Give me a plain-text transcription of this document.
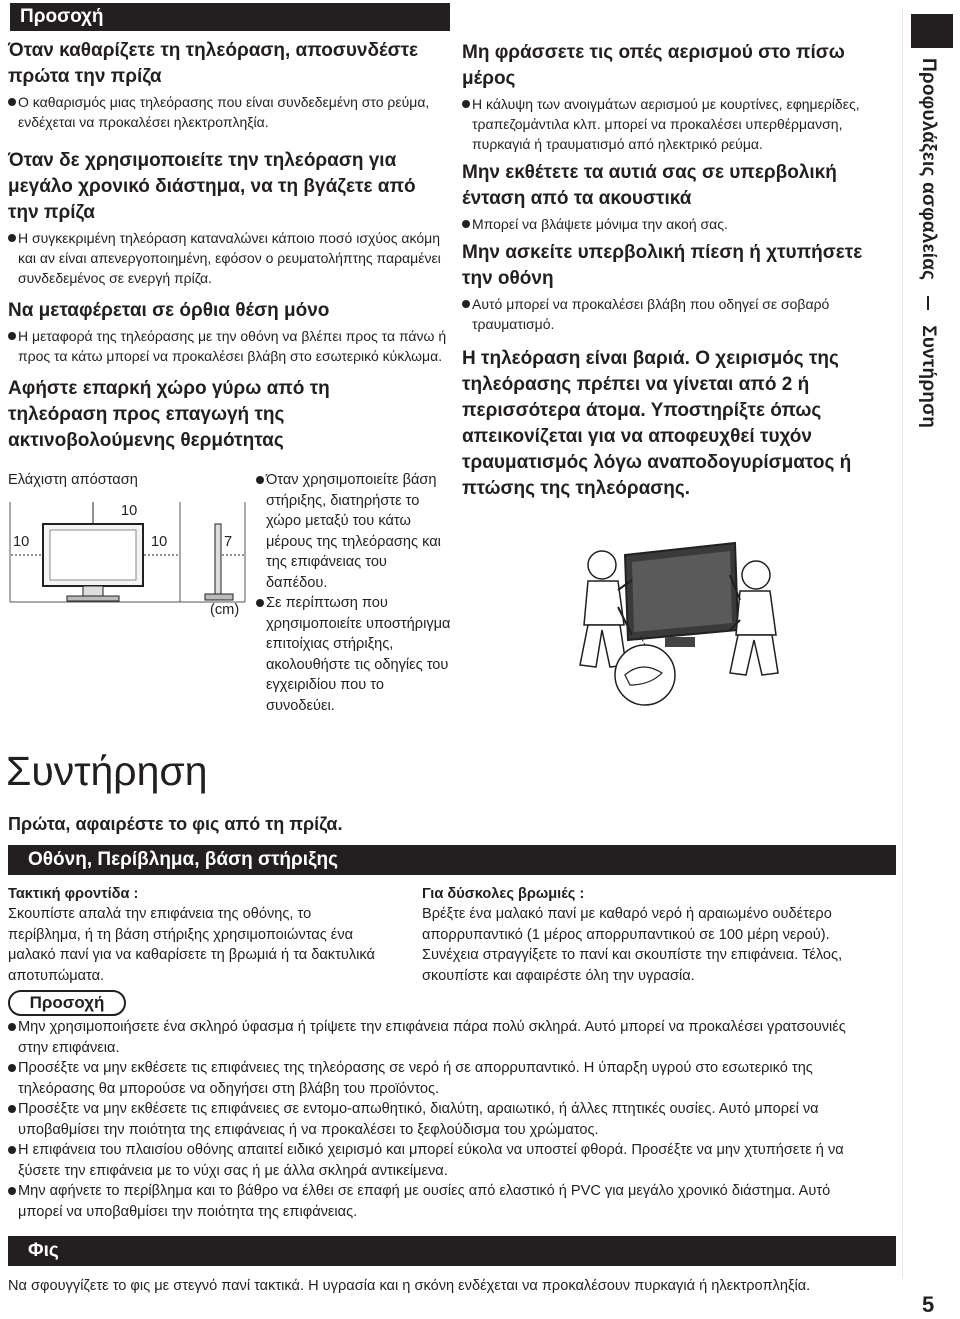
Προσοχή
Όταν καθαρίζετε τη τηλεόραση, αποσυνδέστε πρώτα την πρίζα
Ο καθαρισμός μιας τηλεόρασης που είναι συνδεδεμένη στο ρεύμα, ενδέχεται να προκαλέσει ηλεκτροπληξία.
Όταν δε χρησιμοποιείτε την τηλεόραση για μεγάλο χρονικό διάστημα, να τη βγάζετε από την πρίζα
Η συγκεκριμένη τηλεόραση καταναλώνει κάποιο ποσό ισχύος ακόμη και αν είναι απενεργοποιημένη, εφόσον ο ρευματολήπτης παραμένει συνδεδεμένος σε ενεργή πρίζα.
Να μεταφέρεται σε όρθια θέση μόνο
Η μεταφορά της τηλεόρασης με την οθόνη να βλέπει προς τα πάνω ή προς τα κάτω μπορεί να προκαλέσει βλάβη στο εσωτερικό κύκλωμα.
Αφήστε επαρκή χώρο γύρω από τη τηλεόραση προς επαγωγή της ακτινοβολούμενης θερμότητας
Ελάχιστη απόσταση
10
10	10	7
(cm)
Όταν χρησιμοποιείτε βάση στήριξης, διατηρήστε το χώρο μεταξύ του κάτω μέρους της τηλεόρασης και της επιφάνειας του δαπέδου.
Σε περίπτωση που χρησιμοποιείτε υποστήριγμα επιτοίχιας στήριξης, ακολουθήστε τις οδηγίες του εγχειριδίου που το συνοδεύει.
Μη φράσσετε τις οπές αερισμού στο πίσω μέρος
Η κάλυψη των ανοιγμάτων αερισμού με κουρτίνες, εφημερίδες, τραπεζομάντιλα κλπ. μπορεί να προκαλέσει υπερθέρμανση, πυρκαγιά ή τραυματισμό από ηλεκτρικό ρεύμα.
Μην εκθέτετε τα αυτιά σας σε υπερβολική ένταση από τα ακουστικά
Μπορεί να βλάψετε μόνιμα την ακοή σας.
Μην ασκείτε υπερβολική πίεση ή χτυπήσετε την οθόνη
Αυτό μπορεί να προκαλέσει βλάβη που οδηγεί σε σοβαρό τραυματισμό.
Η τηλεόραση είναι βαριά. Ο χειρισμός της τηλεόρασης πρέπει να γίνεται από 2 ή περισσότερα άτομα. Υποστηρίξτε όπως απεικονίζεται για να αποφευχθεί τυχόν τραυματισμός λόγω αναποδογυρίσματος ή πτώσης της τηλεόρασης.
Προφυλάξεις ασφαλείας  Συντήρηση
Συντήρηση
Πρώτα, αφαιρέστε το φις από τη πρίζα.
Οθόνη, Περίβλημα, βάση στήριξης
Τακτική φροντίδα :
Σκουπίστε απαλά την επιφάνεια της οθόνης, το περίβλημα, ή τη βάση στήριξης χρησιμοποιώντας ένα μαλακό πανί για να καθαρίσετε τη βρωμιά ή τα δακτυλικά αποτυπώματα.
Για δύσκολες βρωμιές :
Βρέξτε ένα μαλακό πανί με καθαρό νερό ή αραιωμένο ουδέτερο απορρυπαντικό (1 μέρος απορρυπαντικού σε 100 μέρη νερού). Συνέχεια στραγγίξετε το πανί και σκουπίστε την επιφάνεια. Τέλος, σκουπίστε και αφαιρέστε όλη την υγρασία.
Προσοχή
Μην χρησιμοποιήσετε ένα σκληρό ύφασμα ή τρίψετε την επιφάνεια πάρα πολύ σκληρά. Αυτό μπορεί να προκαλέσει γρατσουνιές στην επιφάνεια.
Προσέξτε να μην εκθέσετε τις επιφάνειες της τηλεόρασης σε νερό ή σε απορρυπαντικό. Η ύπαρξη υγρού στο εσωτερικό της τηλεόρασης θα μπορούσε να οδηγήσει στη βλάβη του προϊόντος.
Προσέξτε να μην εκθέσετε τις επιφάνειες σε εντομο-απωθητικό, διαλύτη, αραιωτικό, ή άλλες πτητικές ουσίες. Αυτό μπορεί να υποβαθμίσει την ποιότητα της επιφάνειας ή να προκαλέσει το ξεφλούδισμα του χρώματος.
Η επιφάνεια του πλαισίου οθόνης απαιτεί ειδικό χειρισμό και μπορεί εύκολα να υποστεί φθορά. Προσέξτε να μην χτυπήσετε ή να ξύσετε την επιφάνεια με το νύχι σας ή με άλλα σκληρά αντικείμενα.
Μην αφήνετε το περίβλημα και το βάθρο να έλθει σε επαφή με ουσίες από ελαστικό ή PVC για μεγάλο χρονικό διάστημα. Αυτό μπορεί να υποβαθμίσει την ποιότητα της επιφάνειας.
Φις
Να σφουγγίζετε το φις με στεγνό πανί τακτικά. Η υγρασία και η σκόνη ενδέχεται να προκαλέσουν πυρκαγιά ή ηλεκτροπληξία.
5
